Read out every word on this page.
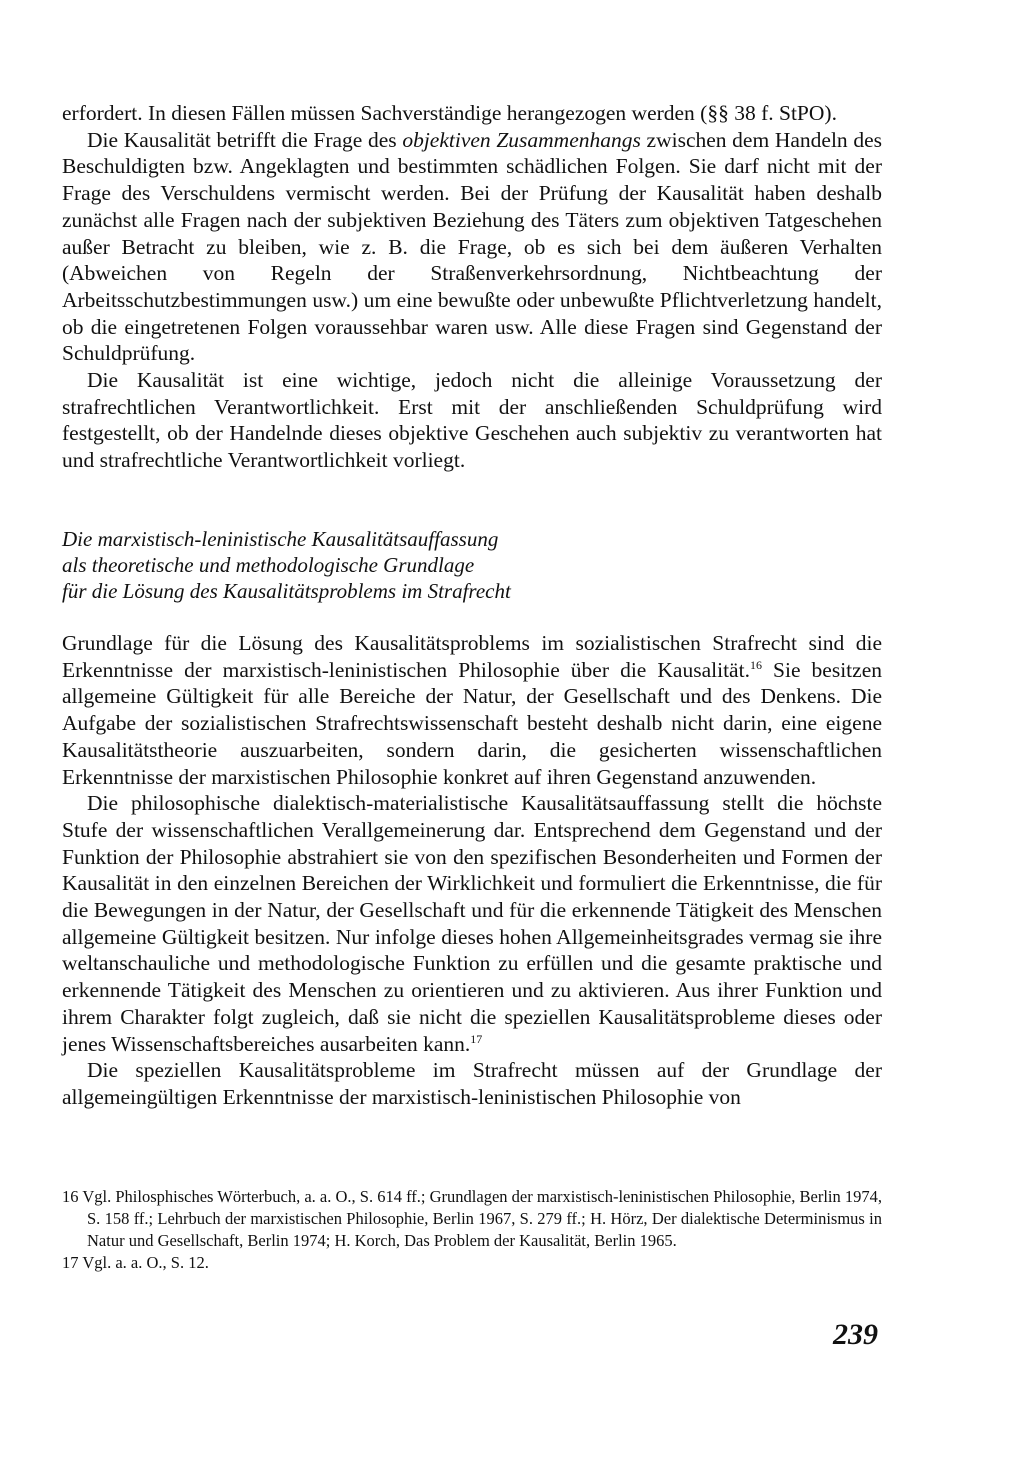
erfordert. In diesen Fällen müssen Sachverständige herangezogen werden (§§ 38 f. StPO).

Die Kausalität betrifft die Frage des objektiven Zusammenhangs zwischen dem Handeln des Beschuldigten bzw. Angeklagten und bestimmten schädlichen Folgen. Sie darf nicht mit der Frage des Verschuldens vermischt werden. Bei der Prüfung der Kausalität haben deshalb zunächst alle Fragen nach der subjektiven Beziehung des Täters zum objektiven Tatgeschehen außer Betracht zu bleiben, wie z. B. die Frage, ob es sich bei dem äußeren Verhalten (Abweichen von Regeln der Straßenverkehrsordnung, Nichtbeachtung der Arbeitsschutzbestimmungen usw.) um eine bewußte oder unbewußte Pflichtverletzung handelt, ob die eingetretenen Folgen voraussehbar waren usw. Alle diese Fragen sind Gegenstand der Schuldprüfung.

Die Kausalität ist eine wichtige, jedoch nicht die alleinige Voraussetzung der strafrechtlichen Verantwortlichkeit. Erst mit der anschließenden Schuldprüfung wird festgestellt, ob der Handelnde dieses objektive Geschehen auch subjektiv zu verantworten hat und strafrechtliche Verantwortlichkeit vorliegt.

Die marxistisch-leninistische Kausalitätsauffassung
als theoretische und methodologische Grundlage
für die Lösung des Kausalitätsproblems im Strafrecht

Grundlage für die Lösung des Kausalitätsproblems im sozialistischen Strafrecht sind die Erkenntnisse der marxistisch-leninistischen Philosophie über die Kausalität.$^{16}$ Sie besitzen allgemeine Gültigkeit für alle Bereiche der Natur, der Gesellschaft und des Denkens. Die Aufgabe der sozialistischen Strafrechtswissenschaft besteht deshalb nicht darin, eine eigene Kausalitätstheorie auszuarbeiten, sondern darin, die gesicherten wissenschaftlichen Erkenntnisse der marxistischen Philosophie konkret auf ihren Gegenstand anzuwenden.

Die philosophische dialektisch-materialistische Kausalitätsauffassung stellt die höchste Stufe der wissenschaftlichen Verallgemeinerung dar. Entsprechend dem Gegenstand und der Funktion der Philosophie abstrahiert sie von den spezifischen Besonderheiten und Formen der Kausalität in den einzelnen Bereichen der Wirklichkeit und formuliert die Erkenntnisse, die für die Bewegungen in der Natur, der Gesellschaft und für die erkennende Tätigkeit des Menschen allgemeine Gültigkeit besitzen. Nur infolge dieses hohen Allgemeinheitsgrades vermag sie ihre weltanschauliche und methodologische Funktion zu erfüllen und die gesamte praktische und erkennende Tätigkeit des Menschen zu orientieren und zu aktivieren. Aus ihrer Funktion und ihrem Charakter folgt zugleich, daß sie nicht die speziellen Kausalitätsprobleme dieses oder jenes Wissenschaftsbereiches ausarbeiten kann.$^{17}$

Die speziellen Kausalitätsprobleme im Strafrecht müssen auf der Grundlage der allgemeingültigen Erkenntnisse der marxistisch-leninistischen Philosophie von

16 Vgl. Philosphisches Wörterbuch, a. a. O., S. 614 ff.; Grundlagen der marxistisch-leninistischen Philosophie, Berlin 1974, S. 158 ff.; Lehrbuch der marxistischen Philosophie, Berlin 1967, S. 279 ff.; H. Hörz, Der dialektische Determinismus in Natur und Gesellschaft, Berlin 1974; H. Korch, Das Problem der Kausalität, Berlin 1965.

17 Vgl. a. a. O., S. 12.

239
